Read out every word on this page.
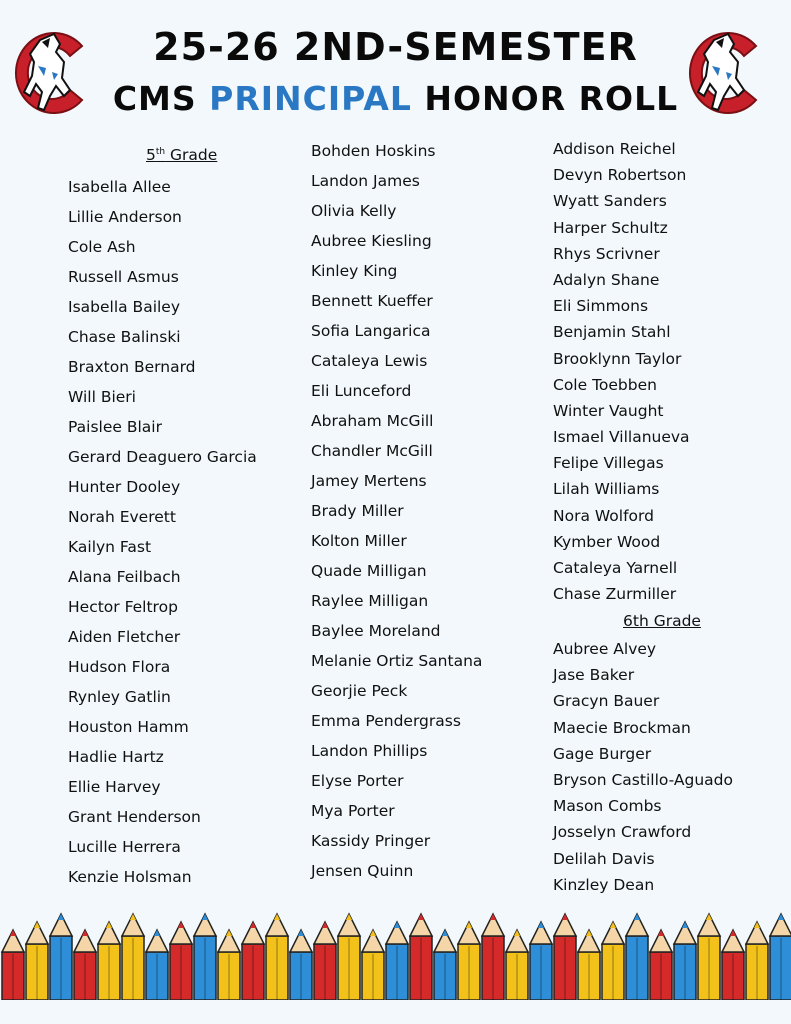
25-26 2ND-SEMESTER
CMS PRINCIPAL HONOR ROLL
5th Grade
6th Grade
Isabella Allee
Lillie Anderson
Cole Ash
Russell Asmus
Isabella Bailey
Chase Balinski
Braxton Bernard
Will Bieri
Paislee Blair
Gerard Deaguero Garcia
Hunter Dooley
Norah Everett
Kailyn Fast
Alana Feilbach
Hector Feltrop
Aiden Fletcher
Hudson Flora
Rynley Gatlin
Houston Hamm
Hadlie Hartz
Ellie Harvey
Grant Henderson
Lucille Herrera
Kenzie Holsman
Bohden Hoskins
Landon James
Olivia Kelly
Aubree Kiesling
Kinley King
Bennett Kueffer
Sofia Langarica
Cataleya Lewis
Eli Lunceford
Abraham McGill
Chandler McGill
Jamey Mertens
Brady Miller
Kolton Miller
Quade Milligan
Raylee Milligan
Baylee Moreland
Melanie Ortiz Santana
Georjie Peck
Emma Pendergrass
Landon Phillips
Elyse Porter
Mya Porter
Kassidy Pringer
Jensen Quinn
Addison Reichel
Devyn Robertson
Wyatt Sanders
Harper Schultz
Rhys Scrivner
Adalyn Shane
Eli Simmons
Benjamin Stahl
Brooklynn Taylor
Cole Toebben
Winter Vaught
Ismael Villanueva
Felipe Villegas
Lilah Williams
Nora Wolford
Kymber Wood
Cataleya Yarnell
Chase Zurmiller
Aubree Alvey
Jase Baker
Gracyn Bauer
Maecie Brockman
Gage Burger
Bryson Castillo-Aguado
Mason Combs
Josselyn Crawford
Delilah Davis
Kinzley Dean
